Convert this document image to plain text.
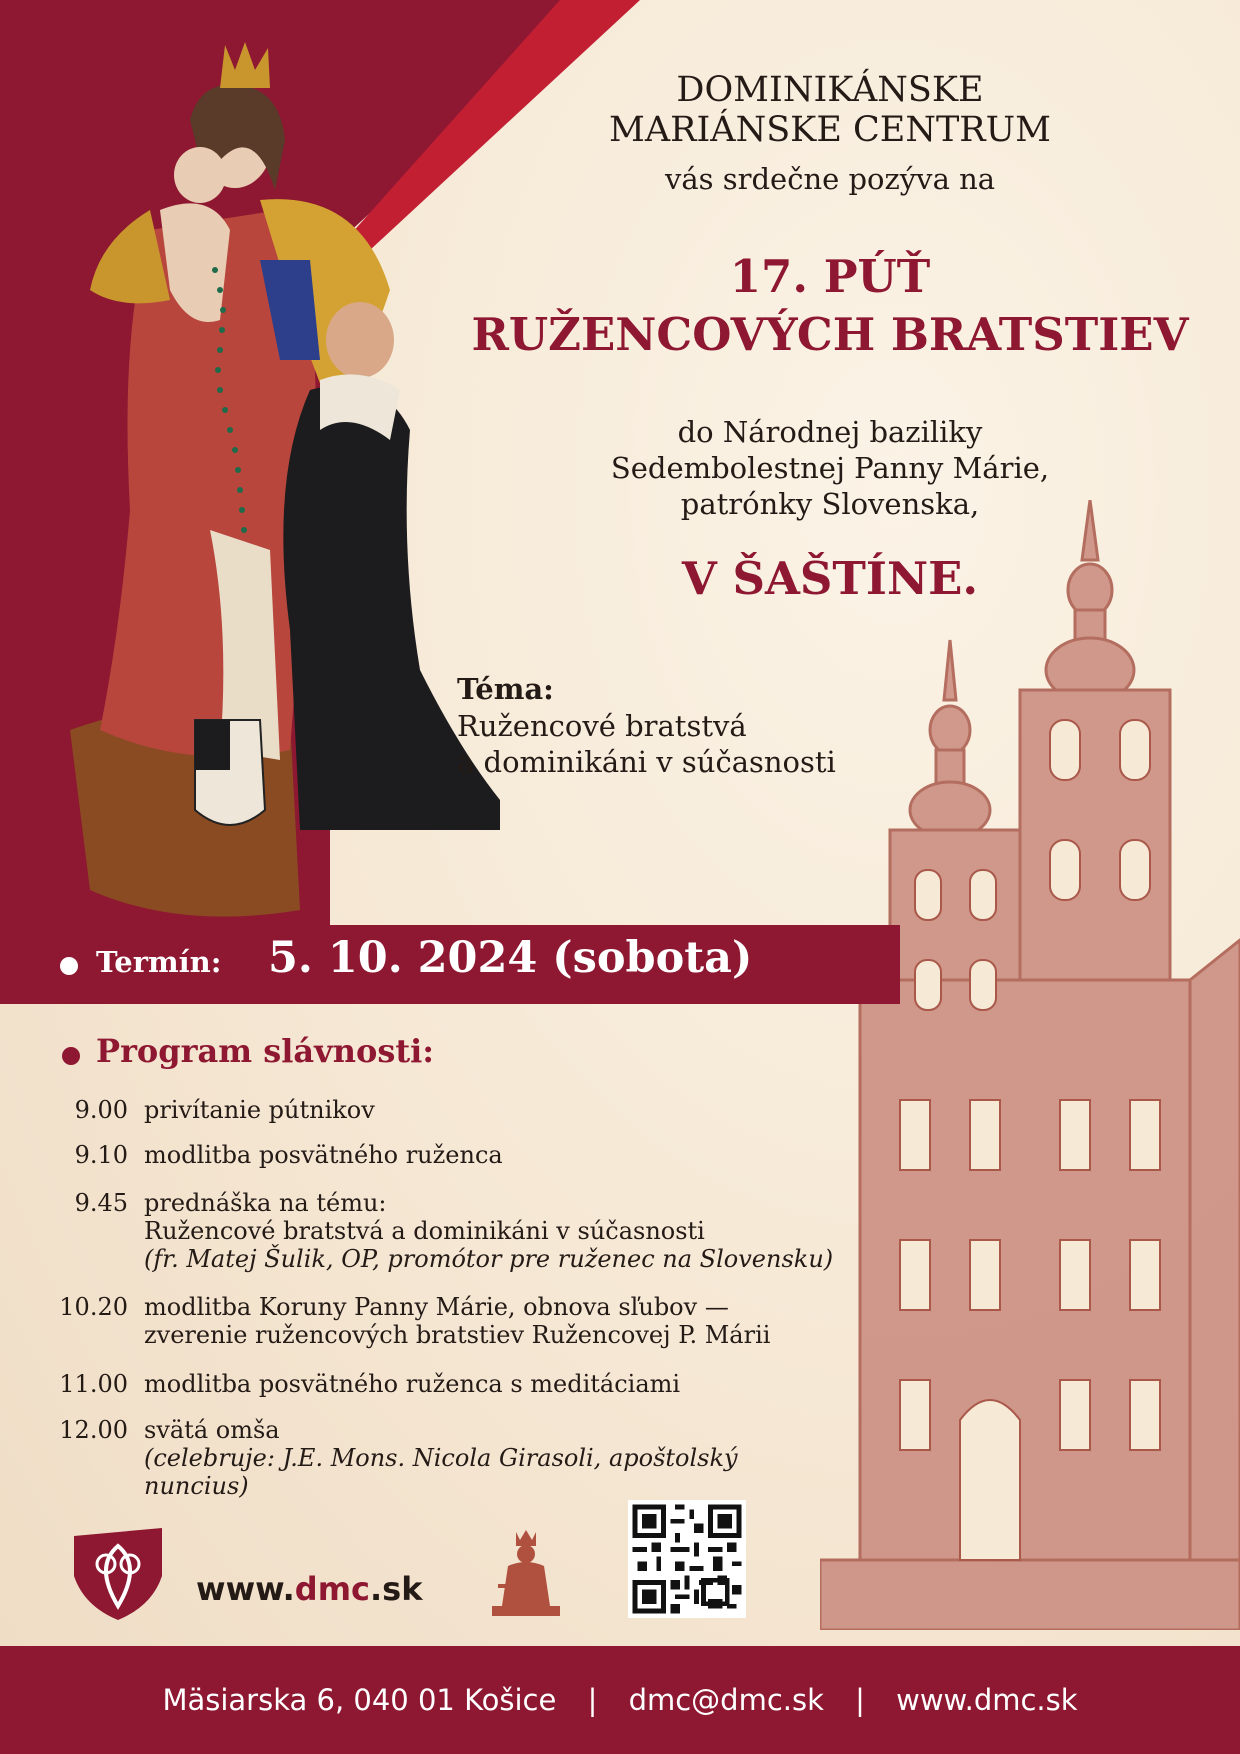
DOMINIKÁNSKE
MARIÁNSKE CENTRUM
vás srdečne pozýva na
17. PÚŤ
RUŽENCOVÝCH BRATSTIEV
do Národnej baziliky
Sedembolestnej Panny Márie,
patrónky Slovenska,
V ŠAŠTÍNE.
Téma:
Ružencové bratstvá
a dominikáni v súčasnosti
Termín: 5. 10. 2024 (sobota)
Program slávnosti:
9.00 privítanie pútnikov
9.10 modlitba posvätného ruženca
9.45 prednáška na tému:
Ružencové bratstvá a dominikáni v súčasnosti
(fr. Matej Šulik, OP, promótor pre ruženec na Slovensku)
10.20 modlitba Koruny Panny Márie, obnova sľubov —
zverenie ružencových bratstiev Ružencovej P. Márii
11.00 modlitba posvätného ruženca s meditáciami
12.00 svätá omša
(celebruje: J.E. Mons. Nicola Girasoli, apoštolský nuncius)
www.dmc.sk
Mäsiarska 6, 040 01 Košice | dmc@dmc.sk | www.dmc.sk
